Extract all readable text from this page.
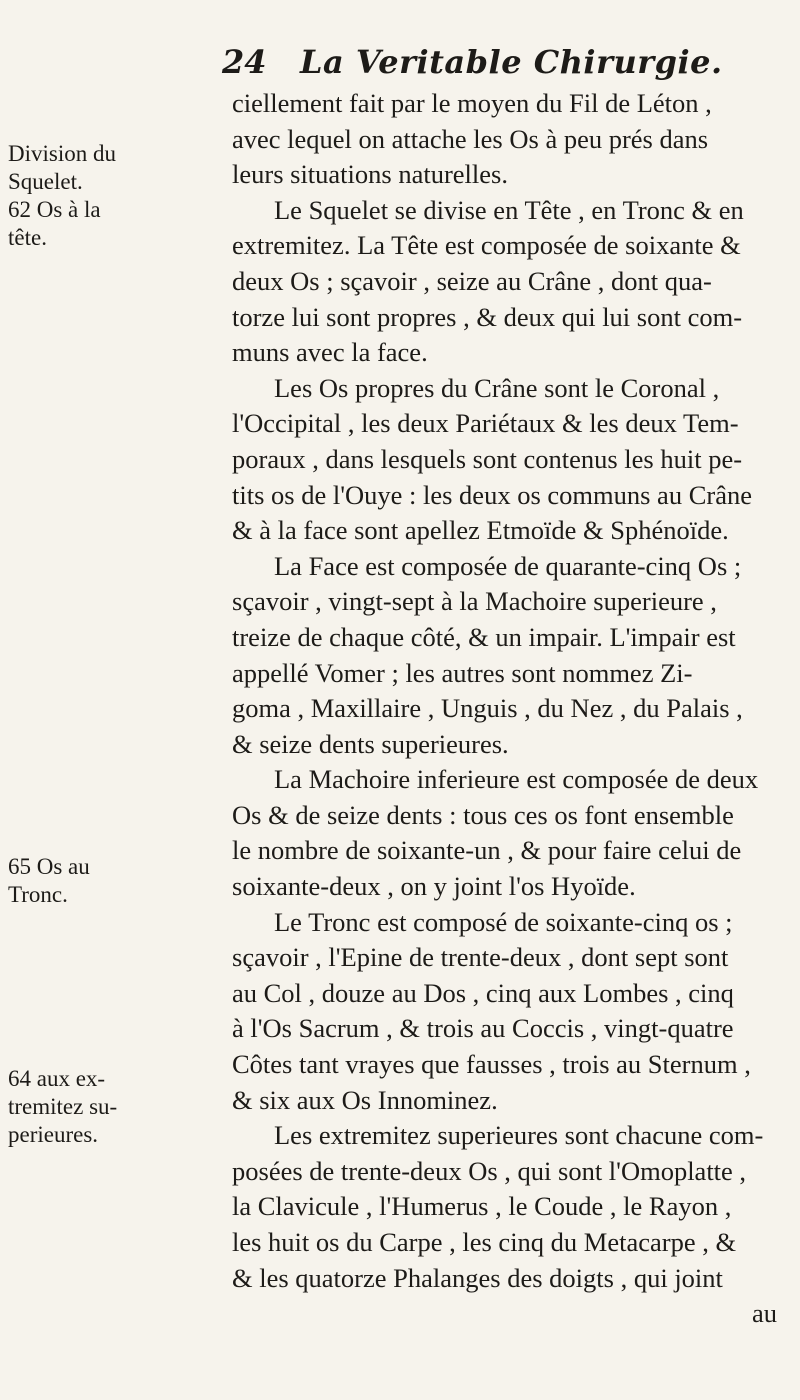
24 La Veritable Chirurgie.
Division du
Squelet.
62 Os à la
tête.
65 Os au
Tronc.
64 aux ex-
tremitez su-
perieures.
ciellement fait par le moyen du Fil de Léton ,
avec lequel on attache les Os à peu prés dans
leurs situations naturelles.
Le Squelet se divise en Tête , en Tronc & en
extremitez. La Tête est composée de soixante &
deux Os ; sçavoir , seize au Crâne , dont qua-
torze lui sont propres , & deux qui lui sont com-
muns avec la face.
Les Os propres du Crâne sont le Coronal ,
l'Occipital , les deux Pariétaux & les deux Tem-
poraux , dans lesquels sont contenus les huit pe-
tits os de l'Ouye : les deux os communs au Crâne
& à la face sont apellez Etmoïde & Sphénoïde.
La Face est composée de quarante-cinq Os ;
sçavoir , vingt-sept à la Machoire superieure ,
treize de chaque côté, & un impair. L'impair est
appellé Vomer ; les autres sont nommez Zi-
goma , Maxillaire , Unguis , du Nez , du Palais ,
& seize dents superieures.
La Machoire inferieure est composée de deux
Os & de seize dents : tous ces os font ensemble
le nombre de soixante-un , & pour faire celui de
soixante-deux , on y joint l'os Hyoïde.
Le Tronc est composé de soixante-cinq os ;
sçavoir , l'Epine de trente-deux , dont sept sont
au Col , douze au Dos , cinq aux Lombes , cinq
à l'Os Sacrum , & trois au Coccis , vingt-quatre
Côtes tant vrayes que fausses , trois au Sternum ,
& six aux Os Innominez.
Les extremitez superieures sont chacune com-
posées de trente-deux Os , qui sont l'Omoplatte ,
la Clavicule , l'Humerus , le Coude , le Rayon ,
les huit os du Carpe , les cinq du Metacarpe , &
& les quatorze Phalanges des doigts , qui joint
au
